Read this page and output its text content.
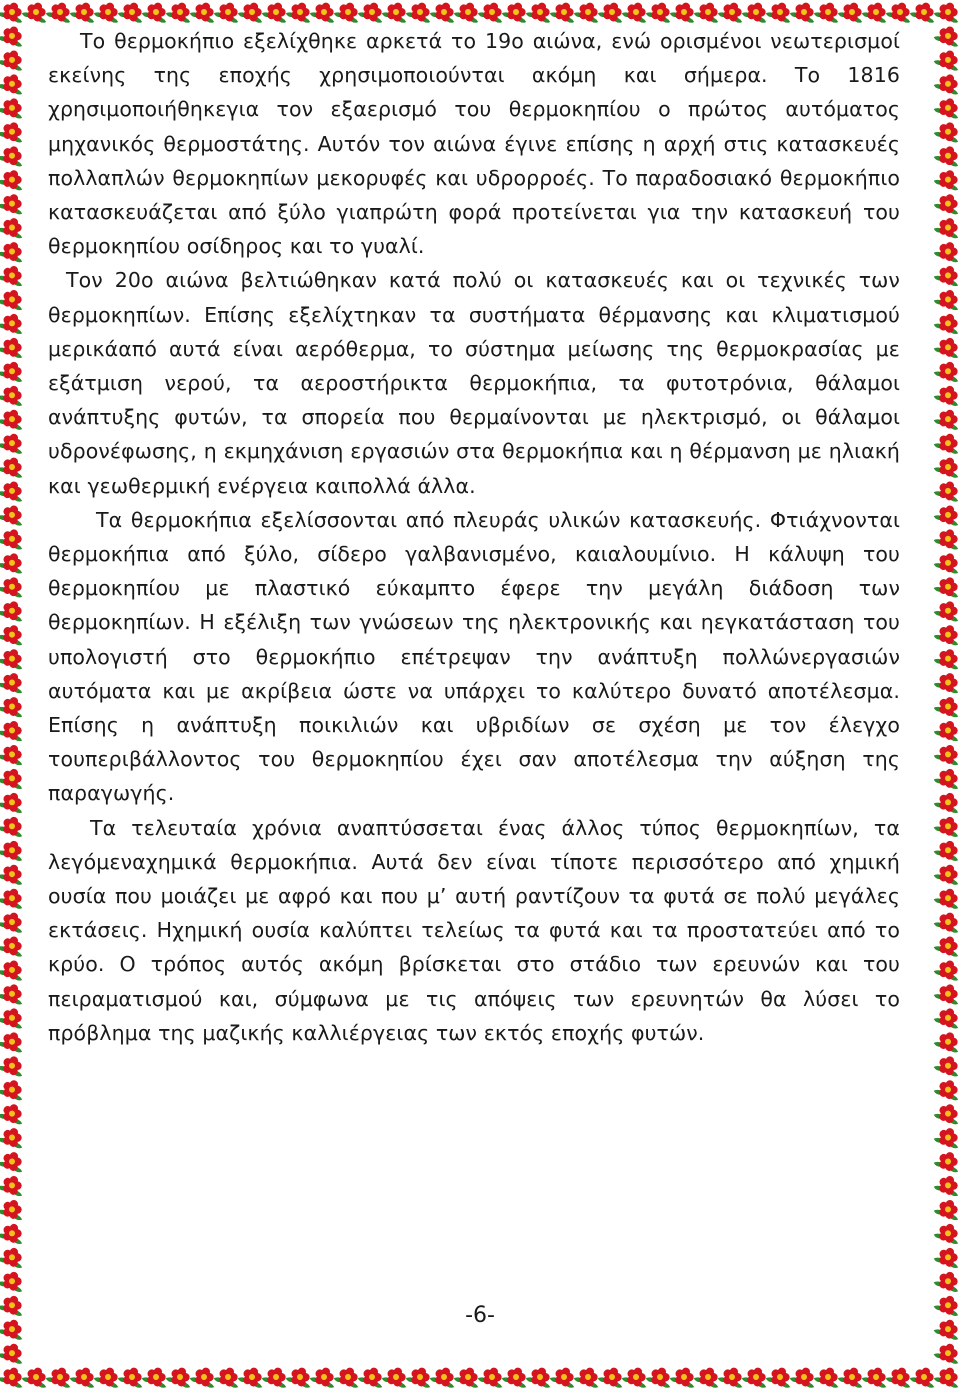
Το θερμοκήπιο εξελίχθηκε αρκετά το 19ο αιώνα, ενώ ορισμένοι νεωτερισμοί εκείνης της εποχής χρησιμοποιούνται ακόμη και σήμερα. Το 1816 χρησιμοποιήθηκεγια τον εξαερισμό του θερμοκηπίου ο πρώτος αυτόματος μηχανικός θερμοστάτης. Αυτόν τον αιώνα έγινε επίσης η αρχή στις κατασκευές πολλαπλών θερμοκηπίων μεκορυφές και υδρορροές. Το παραδοσιακό θερμοκήπιο κατασκευάζεται από ξύλο γιαπρώτη φορά προτείνεται για την κατασκευή του θερμοκηπίου οσίδηρος και το γυαλί.

Τον 20ο αιώνα βελτιώθηκαν κατά πολύ οι κατασκευές και οι τεχνικές των θερμοκηπίων. Επίσης εξελίχτηκαν τα συστήματα θέρμανσης και κλιματισμού μερικάαπό αυτά είναι αερόθερμα, το σύστημα μείωσης της θερμοκρασίας με εξάτμιση νερού, τα αεροστήρικτα θερμοκήπια, τα φυτοτρόνια, θάλαμοι ανάπτυξης φυτών, τα σπορεία που θερμαίνονται με ηλεκτρισμό, οι θάλαμοι υδρονέφωσης, η εκμηχάνιση εργασιών στα θερμοκήπια και η θέρμανση με ηλιακή και γεωθερμική ενέργεια καιπολλά άλλα.

Τα θερμοκήπια εξελίσσονται από πλευράς υλικών κατασκευής. Φτιάχνονται θερμοκήπια από ξύλο, σίδερο γαλβανισμένο, καιαλουμίνιο. Η κάλυψη του θερμοκηπίου με πλαστικό εύκαμπτο έφερε την μεγάλη διάδοση των θερμοκηπίων. Η εξέλιξη των γνώσεων της ηλεκτρονικής και ηεγκατάσταση του υπολογιστή στο θερμοκήπιο επέτρεψαν την ανάπτυξη πολλώνεργασιών αυτόματα και με ακρίβεια ώστε να υπάρχει το καλύτερο δυνατό αποτέλεσμα. Επίσης η ανάπτυξη ποικιλιών και υβριδίων σε σχέση με τον έλεγχο τουπεριβάλλοντος του θερμοκηπίου έχει σαν αποτέλεσμα την αύξηση της παραγωγής.

Τα τελευταία χρόνια αναπτύσσεται ένας άλλος τύπος θερμοκηπίων, τα λεγόμεναχημικά θερμοκήπια. Αυτά δεν είναι τίποτε περισσότερο από χημική ουσία που μοιάζει με αφρό και που μ’ αυτή ραντίζουν τα φυτά σε πολύ μεγάλες εκτάσεις. Ηχημική ουσία καλύπτει τελείως τα φυτά και τα προστατεύει από το κρύο. Ο τρόπος αυτός ακόμη βρίσκεται στο στάδιο των ερευνών και του πειραματισμού και, σύμφωνα με τις απόψεις των ερευνητών θα λύσει το πρόβλημα της μαζικής καλλιέργειας των εκτός εποχής φυτών.

-6-
